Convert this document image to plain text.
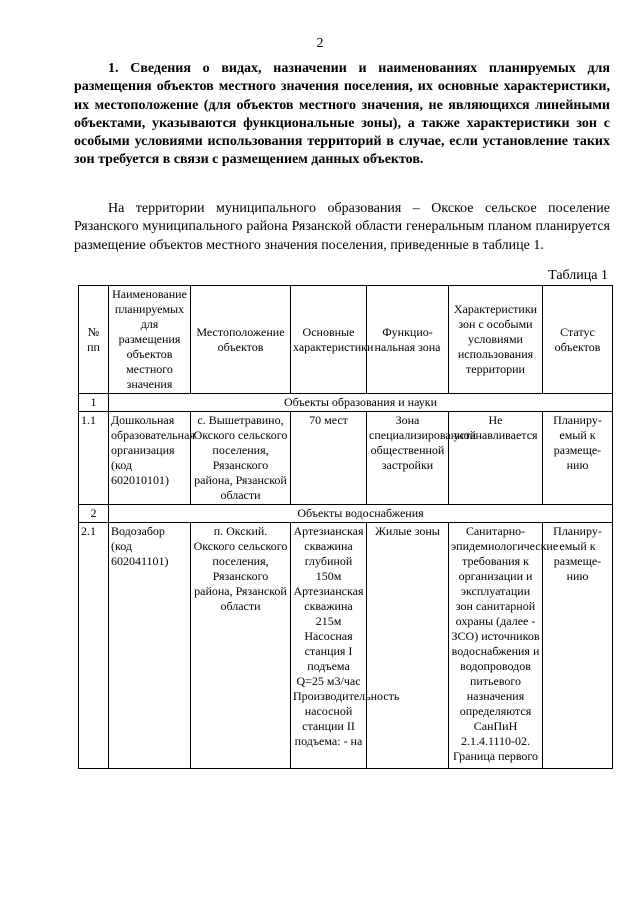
2
1. Сведения о видах, назначении и наименованиях планируемых для размещения объектов местного значения поселения, их основные характеристики, их местоположение (для объектов местного значения, не являющихся линейными объектами, указываются функциональные зоны), а также характеристики зон с особыми условиями использования территорий в случае, если установление таких зон требуется в связи с размещением данных объектов.
На территории муниципального образования – Окское сельское поселение Рязанского муниципального района Рязанской области генеральным планом планируется размещение объектов местного значения поселения, приведенные в таблице 1.
Таблица 1
№ пп	Наименование планируемых для размещения объектов местного значения	Местоположение объектов	Основные характеристики	Функцио-нальная зона	Характеристики зон с особыми условиями использования территории	Статус объектов
1	Объекты образования и науки					
1.1	Дошкольная образовательная организация (код 602010101)	с. Вышетравино, Окского сельского поселения, Рязанского района, Рязанской области	70 мест	Зона специализированной общественной застройки	Не устанавливается	Планиру-емый к размеще-нию
2	Объекты водоснабжения					
2.1	Водозабор (код 602041101)	п. Окский. Окского сельского поселения, Рязанского района, Рязанской области	Артезианская скважина глубиной 150м Артезианская скважина 215м Насосная станция I подъема Q=25 м3/час Производительность насосной станции II подъема: - на	Жилые зоны	Санитарно-эпидемиологические требования к организации и эксплуатации зон санитарной охраны (далее - ЗСО) источников водоснабжения и водопроводов питьевого назначения определяются СанПиН 2.1.4.1110-02. Граница первого	Планиру-емый к размеще-нию
